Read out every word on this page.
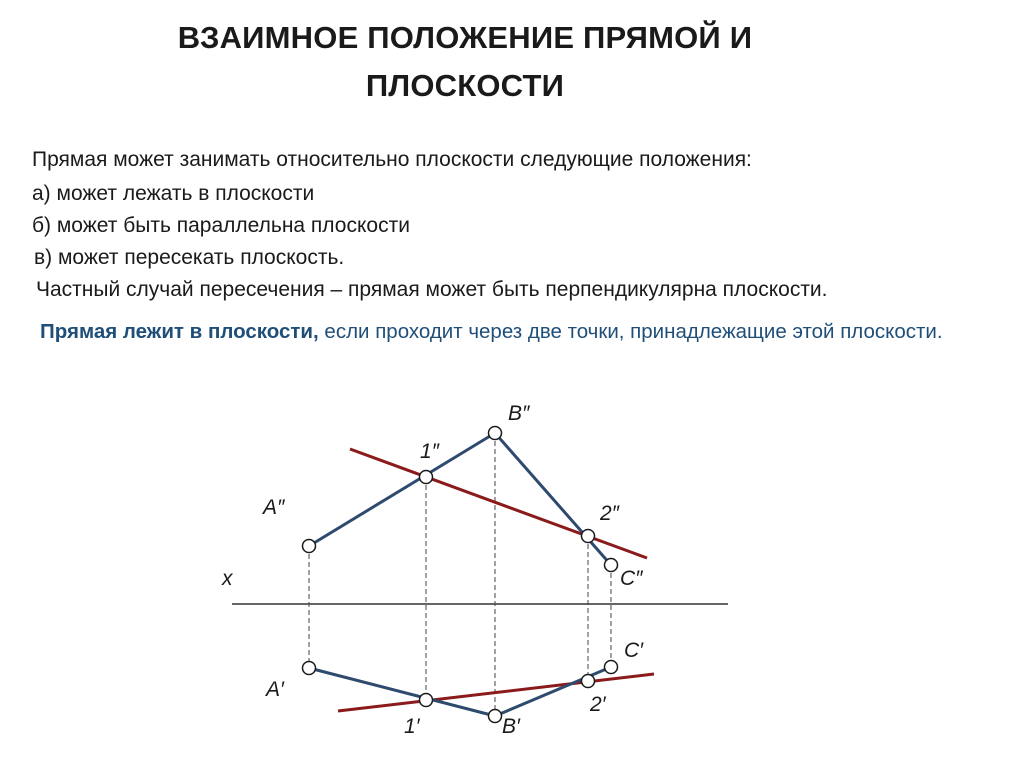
ВЗАИМНОЕ ПОЛОЖЕНИЕ ПРЯМОЙ И
ПЛОСКОСТИ
Прямая может занимать относительно плоскости следующие положения:
а) может лежать в плоскости
б) может быть параллельна плоскости
в) может пересекать плоскость.
Частный случай пересечения – прямая может быть перпендикулярна плоскости.
Прямая лежит в плоскости, если проходит через две точки, принадлежащие этой плоскости.
x
A″
1″
B″
2″
C″
A′
1′	B′
2′
C′
